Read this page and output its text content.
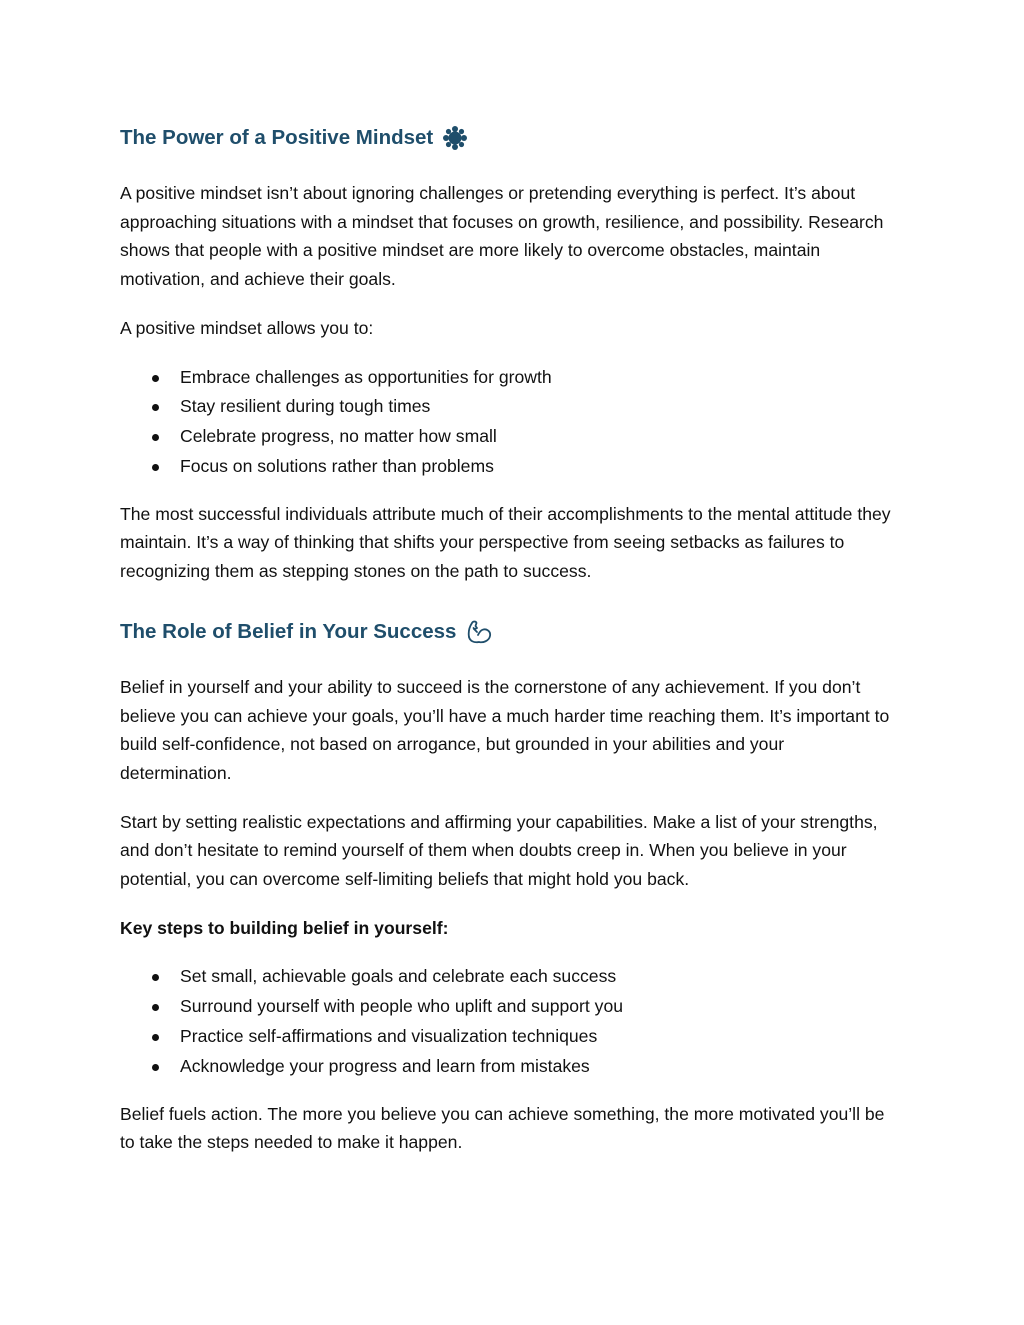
The Power of a Positive Mindset

A positive mindset isn’t about ignoring challenges or pretending everything is perfect. It’s about approaching situations with a mindset that focuses on growth, resilience, and possibility. Research shows that people with a positive mindset are more likely to overcome obstacles, maintain motivation, and achieve their goals.

A positive mindset allows you to:

Embrace challenges as opportunities for growth
Stay resilient during tough times
Celebrate progress, no matter how small
Focus on solutions rather than problems

The most successful individuals attribute much of their accomplishments to the mental attitude they maintain. It’s a way of thinking that shifts your perspective from seeing setbacks as failures to recognizing them as stepping stones on the path to success.

The Role of Belief in Your Success

Belief in yourself and your ability to succeed is the cornerstone of any achievement. If you don’t believe you can achieve your goals, you’ll have a much harder time reaching them. It’s important to build self-confidence, not based on arrogance, but grounded in your abilities and your determination.

Start by setting realistic expectations and affirming your capabilities. Make a list of your strengths, and don’t hesitate to remind yourself of them when doubts creep in. When you believe in your potential, you can overcome self-limiting beliefs that might hold you back.

Key steps to building belief in yourself:

Set small, achievable goals and celebrate each success
Surround yourself with people who uplift and support you
Practice self-affirmations and visualization techniques
Acknowledge your progress and learn from mistakes

Belief fuels action. The more you believe you can achieve something, the more motivated you’ll be to take the steps needed to make it happen.
